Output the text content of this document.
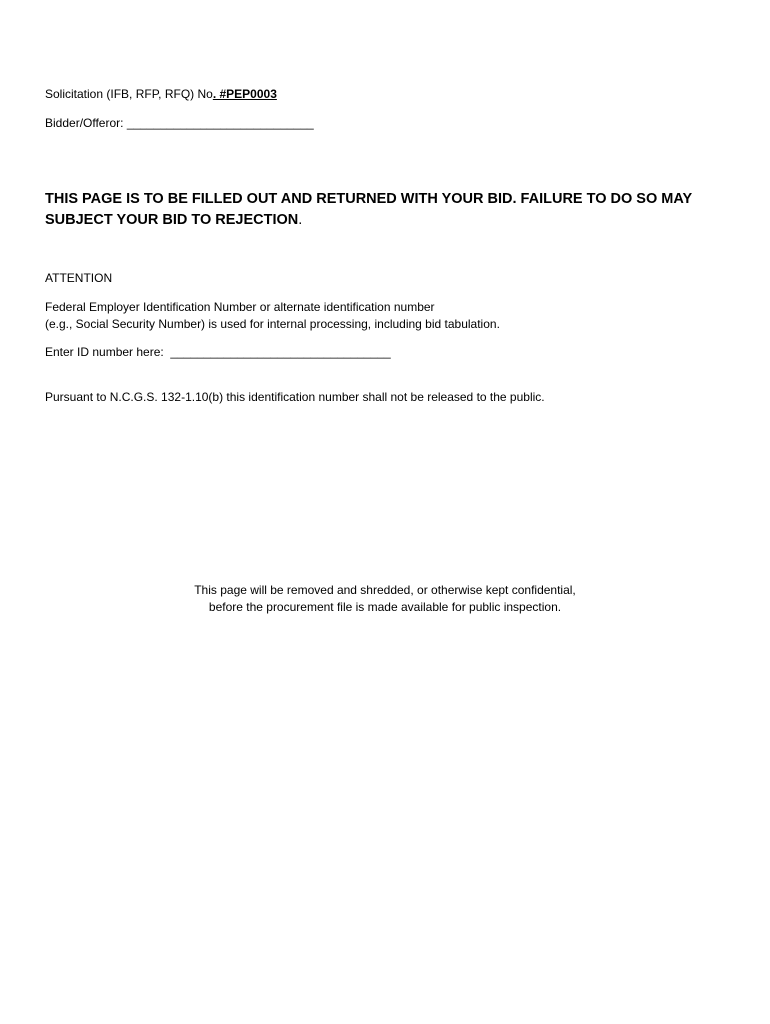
Solicitation (IFB, RFP, RFQ) No. #PEP0003

Bidder/Offeror: ____________________________

THIS PAGE IS TO BE FILLED OUT AND RETURNED WITH YOUR BID. FAILURE TO DO SO MAY SUBJECT YOUR BID TO REJECTION.

ATTENTION

Federal Employer Identification Number or alternate identification number

(e.g., Social Security Number) is used for internal processing, including bid tabulation.

Enter ID number here:  _________________________________

Pursuant to N.C.G.S. 132-1.10(b) this identification number shall not be released to the public.

This page will be removed and shredded, or otherwise kept confidential,

before the procurement file is made available for public inspection.
